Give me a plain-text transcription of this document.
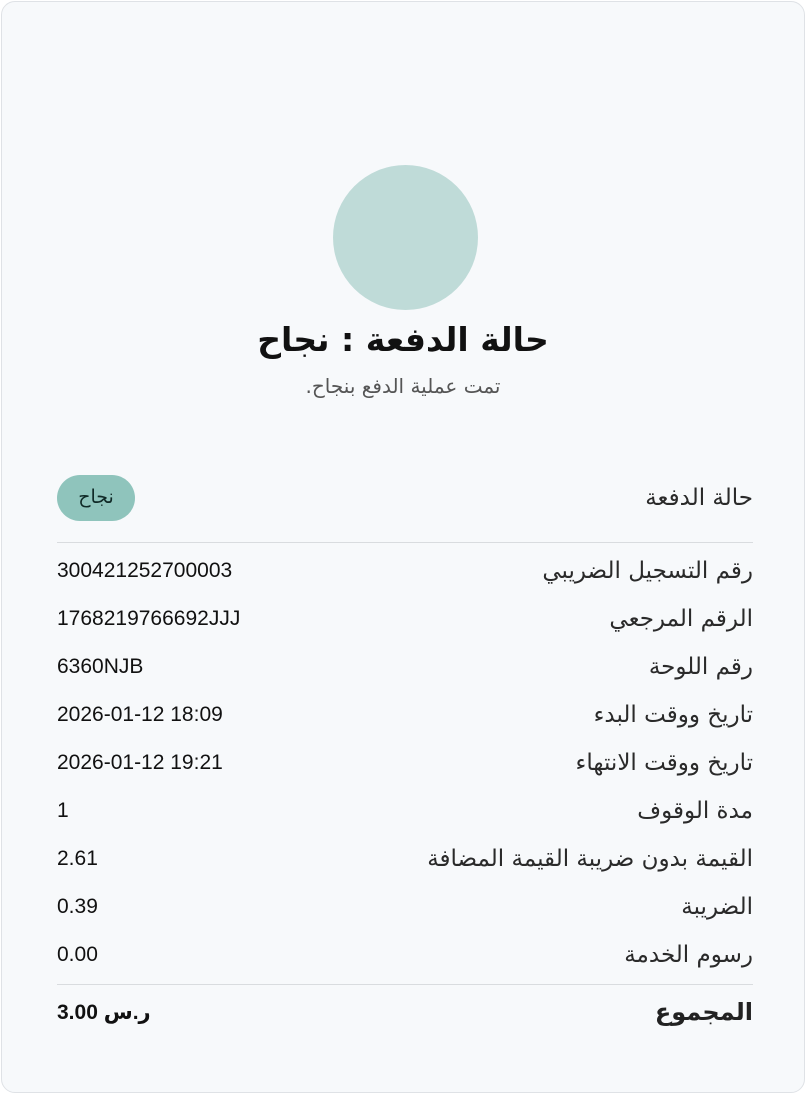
حالة الدفعة : نجاح
تمت عملية الدفع بنجاح.
نجاح	حالة الدفعة
300421252700003	رقم التسجيل الضريبي
1768219766692JJJ	الرقم المرجعي
6360NJB	رقم اللوحة
2026-01-12 18:09	تاريخ ووقت البدء
2026-01-12 19:21	تاريخ ووقت الانتهاء
1	مدة الوقوف
2.61	القيمة بدون ضريبة القيمة المضافة
0.39	الضريبة
0.00	رسوم الخدمة
3.00 ر.س	المجموع
